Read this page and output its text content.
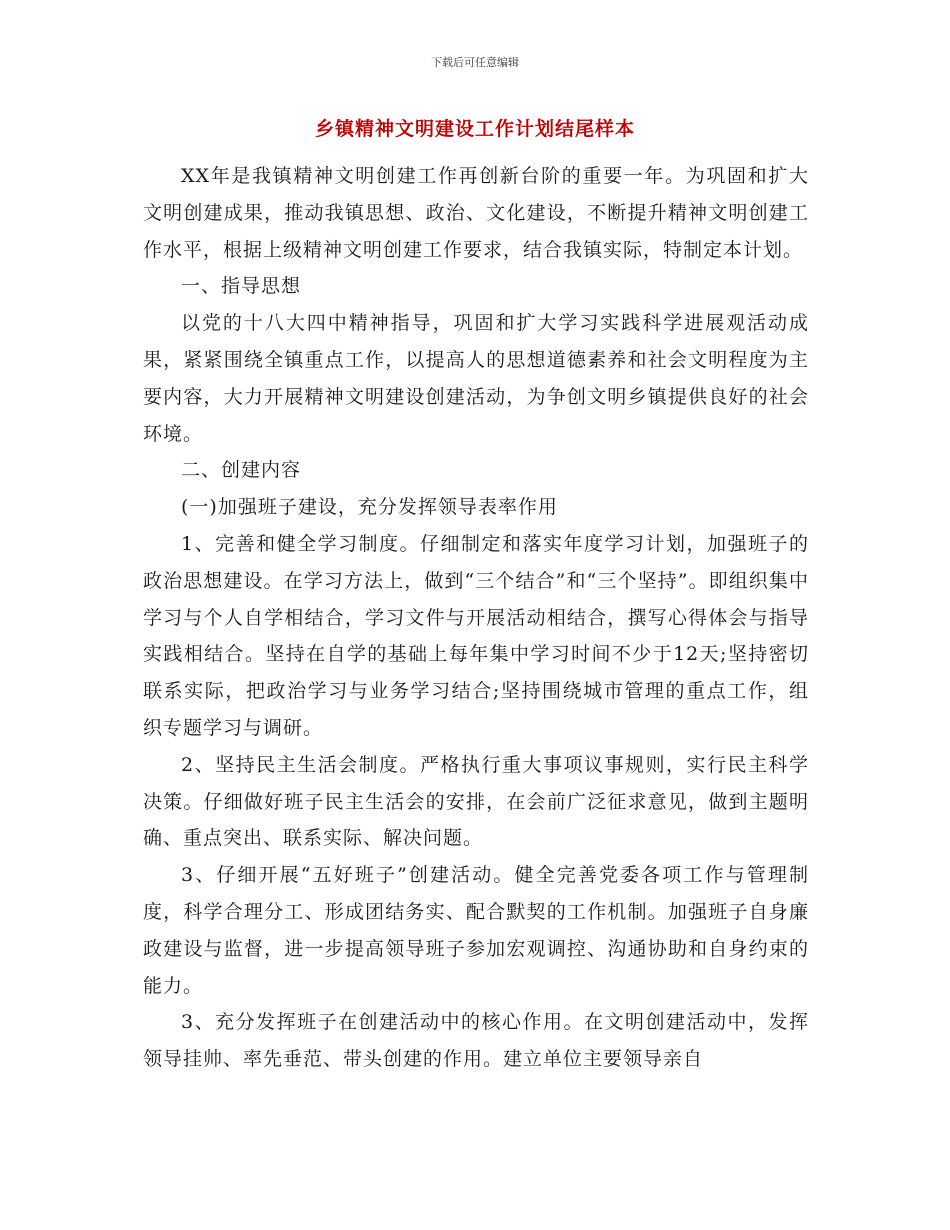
下载后可任意编辑
乡镇精神文明建设工作计划结尾样本

XX年是我镇精神文明创建工作再创新台阶的重要一年。为巩固和扩大文明创建成果，推动我镇思想、政治、文化建设，不断提升精神文明创建工作水平，根据上级精神文明创建工作要求，结合我镇实际，特制定本计划。

一、指导思想

以党的十八大四中精神指导，巩固和扩大学习实践科学进展观活动成果，紧紧围绕全镇重点工作，以提高人的思想道德素养和社会文明程度为主要内容，大力开展精神文明建设创建活动，为争创文明乡镇提供良好的社会环境。

二、创建内容

(一)加强班子建设，充分发挥领导表率作用

1、完善和健全学习制度。仔细制定和落实年度学习计划，加强班子的政治思想建设。在学习方法上，做到“三个结合”和“三个坚持”。即组织集中学习与个人自学相结合，学习文件与开展活动相结合，撰写心得体会与指导实践相结合。坚持在自学的基础上每年集中学习时间不少于12天;坚持密切联系实际，把政治学习与业务学习结合;坚持围绕城市管理的重点工作，组织专题学习与调研。

2、坚持民主生活会制度。严格执行重大事项议事规则，实行民主科学决策。仔细做好班子民主生活会的安排，在会前广泛征求意见，做到主题明确、重点突出、联系实际、解决问题。

3、仔细开展“五好班子”创建活动。健全完善党委各项工作与管理制度，科学合理分工、形成团结务实、配合默契的工作机制。加强班子自身廉政建设与监督，进一步提高领导班子参加宏观调控、沟通协助和自身约束的能力。

3、充分发挥班子在创建活动中的核心作用。在文明创建活动中，发挥领导挂帅、率先垂范、带头创建的作用。建立单位主要领导亲自
